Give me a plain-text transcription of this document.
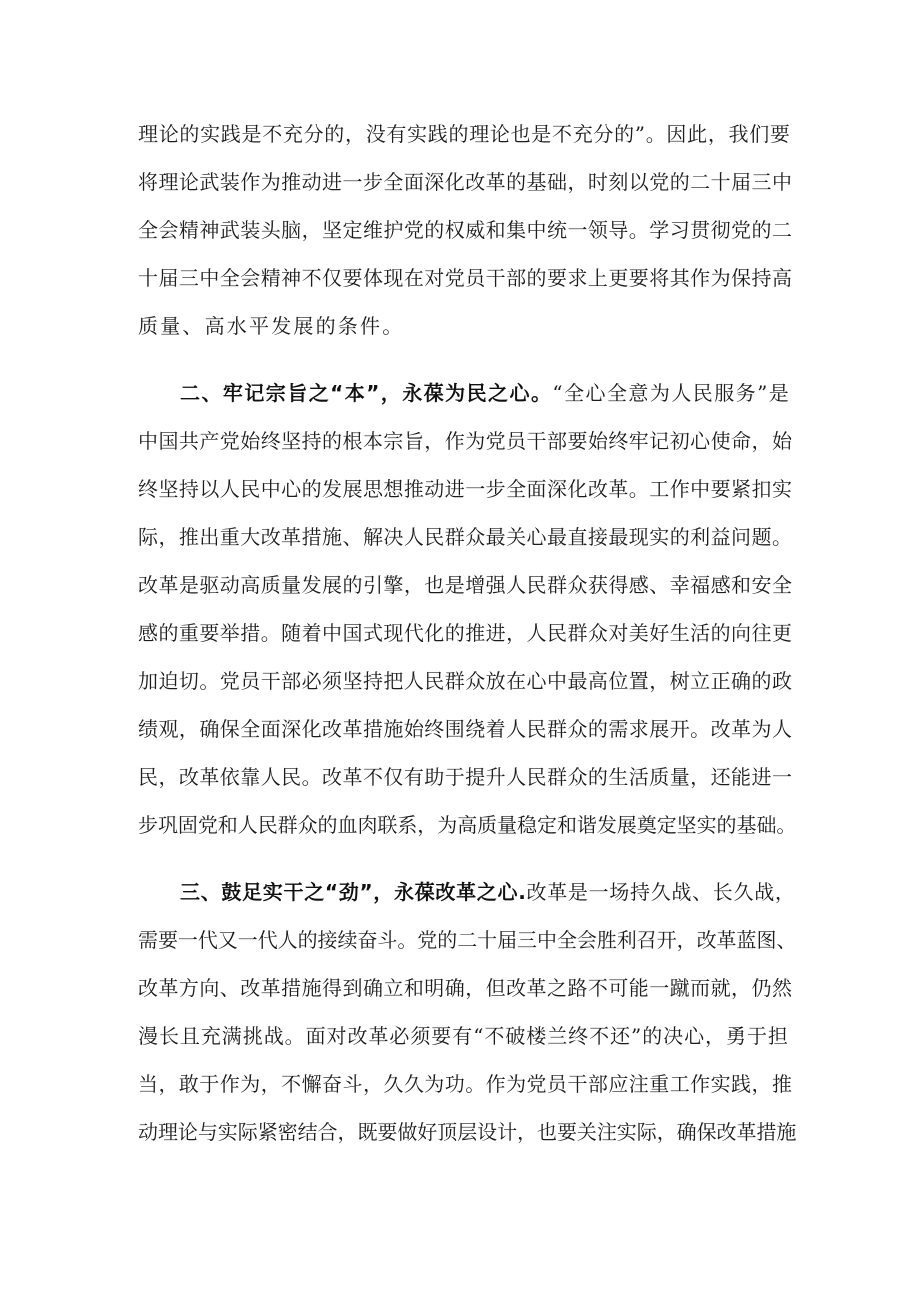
理论的实践是不充分的，没有实践的理论也是不充分的”。因此，我们要

将理论武装作为推动进一步全面深化改革的基础，时刻以党的二十届三中

全会精神武装头脑，坚定维护党的权威和集中统一领导。学习贯彻党的二

十届三中全会精神不仅要体现在对党员干部的要求上更要将其作为保持高

质量、高水平发展的条件。

二、牢记宗旨之“本”，永葆为民之心。“全心全意为人民服务”是

中国共产党始终坚持的根本宗旨，作为党员干部要始终牢记初心使命，始

终坚持以人民中心的发展思想推动进一步全面深化改革。工作中要紧扣实

际，推出重大改革措施、解决人民群众最关心最直接最现实的利益问题。

改革是驱动高质量发展的引擎，也是增强人民群众获得感、幸福感和安全

感的重要举措。随着中国式现代化的推进，人民群众对美好生活的向往更

加迫切。党员干部必须坚持把人民群众放在心中最高位置，树立正确的政

绩观，确保全面深化改革措施始终围绕着人民群众的需求展开。改革为人

民，改革依靠人民。改革不仅有助于提升人民群众的生活质量，还能进一

步巩固党和人民群众的血肉联系，为高质量稳定和谐发展奠定坚实的基础。

三、鼓足实干之“劲”，永葆改革之心.改革是一场持久战、长久战，

需要一代又一代人的接续奋斗。党的二十届三中全会胜利召开，改革蓝图、

改革方向、改革措施得到确立和明确，但改革之路不可能一蹴而就，仍然

漫长且充满挑战。面对改革必须要有“不破楼兰终不还”的决心，勇于担

当，敢于作为，不懈奋斗，久久为功。作为党员干部应注重工作实践，推

动理论与实际紧密结合，既要做好顶层设计，也要关注实际，确保改革措施
